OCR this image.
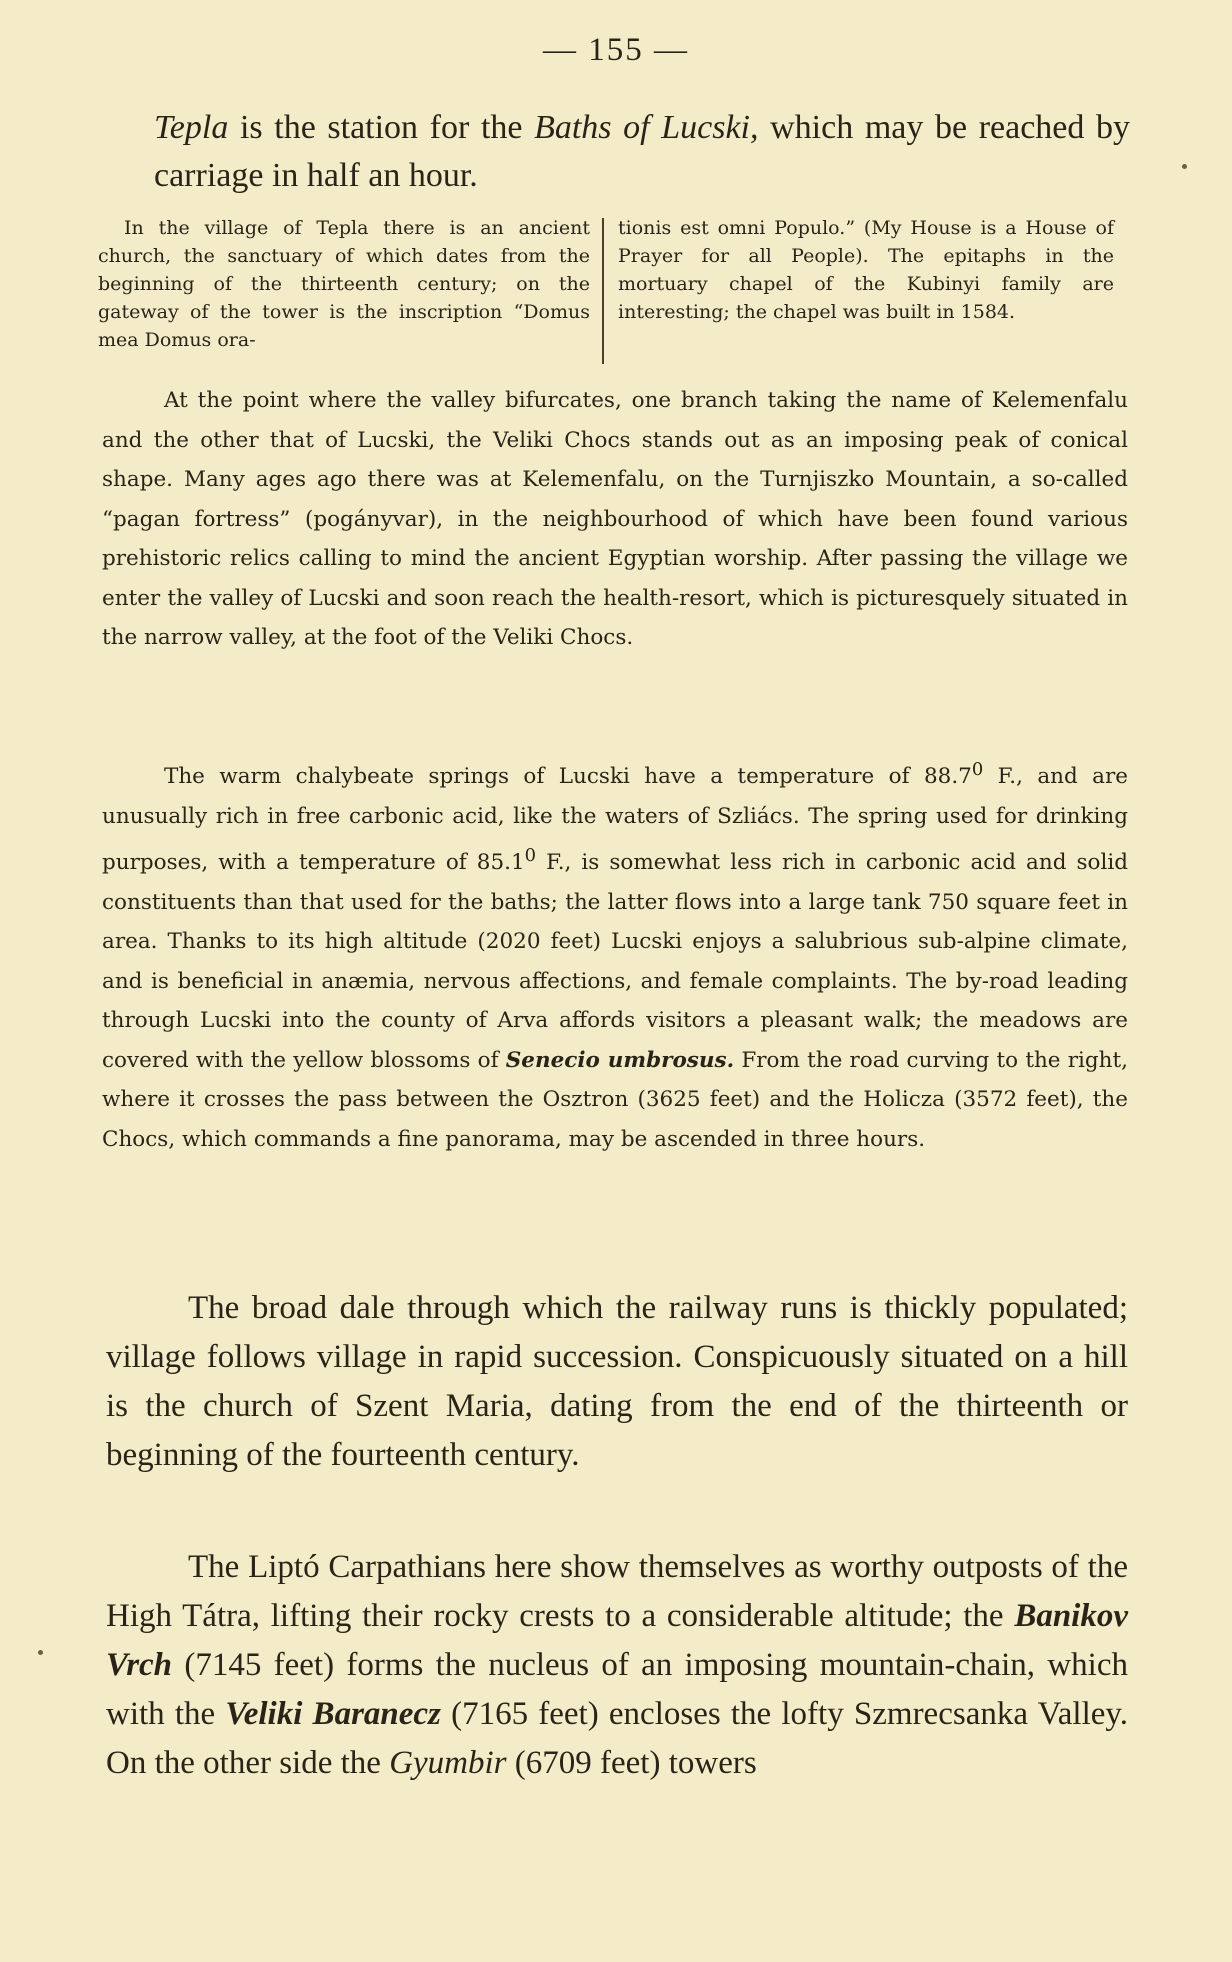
— 155 —

Tepla is the station for the Baths of Lucski, which may be reached by carriage in half an hour.

In the village of Tepla there is an ancient church, the sanctuary of which dates from the beginning of the thirteenth century; on the gateway of the tower is the inscription “Domus mea Domus ora-

tionis est omni Populo.” (My House is a House of Prayer for all People). The epitaphs in the mortuary chapel of the Kubinyi family are interesting; the chapel was built in 1584.

At the point where the valley bifurcates, one branch taking the name of Kelemenfalu and the other that of Lucski, the Veliki Chocs stands out as an imposing peak of conical shape. Many ages ago there was at Kelemenfalu, on the Turnjiszko Mountain, a so-called “pagan fortress” (pogányvar), in the neighbourhood of which have been found various prehistoric relics calling to mind the ancient Egyptian worship. After passing the village we enter the valley of Lucski and soon reach the health-resort, which is picturesquely situated in the narrow valley, at the foot of the Veliki Chocs.

The warm chalybeate springs of Lucski have a temperature of 88.7$^0$ F., and are unusually rich in free carbonic acid, like the waters of Szliács. The spring used for drinking purposes, with a temperature of 85.1$^0$ F., is somewhat less rich in carbonic acid and solid constituents than that used for the baths; the latter flows into a large tank 750 square feet in area. Thanks to its high altitude (2020 feet) Lucski enjoys a salubrious sub-alpine climate, and is beneficial in anæmia, nervous affections, and female complaints. The by-road leading through Lucski into the county of Arva affords visitors a pleasant walk; the meadows are covered with the yellow blossoms of Senecio umbrosus. From the road curving to the right, where it crosses the pass between the Osztron (3625 feet) and the Holicza (3572 feet), the Chocs, which commands a fine panorama, may be ascended in three hours.

The broad dale through which the railway runs is thickly populated; village follows village in rapid succession. Conspicuously situated on a hill is the church of Szent Maria, dating from the end of the thirteenth or beginning of the fourteenth century.

The Liptó Carpathians here show themselves as worthy outposts of the High Tátra, lifting their rocky crests to a considerable altitude; the Banikov Vrch (7145 feet) forms the nucleus of an imposing mountain-chain, which with the Veliki Baranecz (7165 feet) encloses the lofty Szmrecsanka Valley. On the other side the Gyumbir (6709 feet) towers
